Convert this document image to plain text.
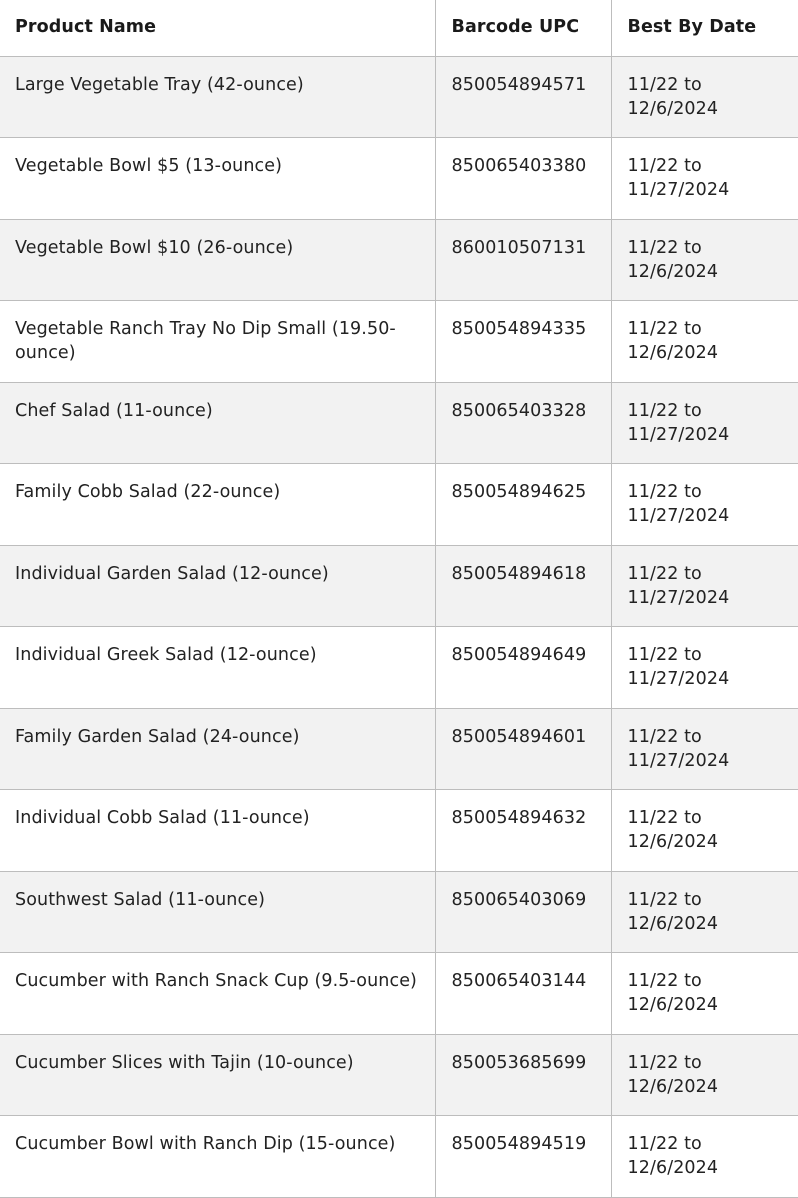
Product Name	Barcode UPC	Best By Date
Large Vegetable Tray (42-ounce)	850054894571	11/22 to 12/6/2024
Vegetable Bowl $5 (13-ounce)	850065403380	11/22 to 11/27/2024
Vegetable Bowl $10 (26-ounce)	860010507131	11/22 to 12/6/2024
Vegetable Ranch Tray No Dip Small (19.50-ounce)	850054894335	11/22 to 12/6/2024
Chef Salad (11-ounce)	850065403328	11/22 to 11/27/2024
Family Cobb Salad (22-ounce)	850054894625	11/22 to 11/27/2024
Individual Garden Salad (12-ounce)	850054894618	11/22 to 11/27/2024
Individual Greek Salad (12-ounce)	850054894649	11/22 to 11/27/2024
Family Garden Salad (24-ounce)	850054894601	11/22 to 11/27/2024
Individual Cobb Salad (11-ounce)	850054894632	11/22 to 12/6/2024
Southwest Salad (11-ounce)	850065403069	11/22 to 12/6/2024
Cucumber with Ranch Snack Cup (9.5-ounce)	850065403144	11/22 to 12/6/2024
Cucumber Slices with Tajin (10-ounce)	850053685699	11/22 to 12/6/2024
Cucumber Bowl with Ranch Dip (15-ounce)	850054894519	11/22 to 12/6/2024
